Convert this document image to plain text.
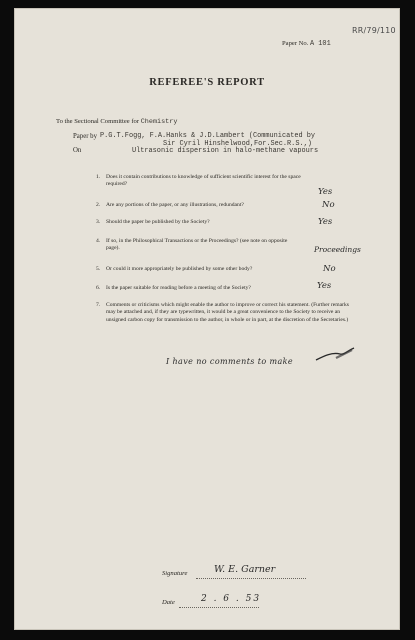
RR/79/110
Paper No. A 101
REFEREE'S REPORT
To the Sectional Committee for Chemistry
Paper by P.G.T.Fogg, F.A.Hanks & J.D.Lambert (Communicated by
Sir Cyril Hinshelwood,For.Sec.R.S.,)
On	Ultrasonic dispersion in halo-methane vapours
1. Does it contain contributions to knowledge of sufficient scientific interest for the space required?
Yes
2. Are any portions of the paper, or any illustrations, redundant?	No
3. Should the paper be published by the Society?	Yes
4. If so, in the Philosophical Transactions or the Proceedings? (see note on opposite page).	Proceedings
5. Or could it more appropriately be published by some other body?	No
6. Is the paper suitable for reading before a meeting of the Society?	Yes
7. Comments or criticisms which might enable the author to improve or correct his statement. (Further remarks may be attached and, if they are typewritten, it would be a great convenience to the Society to receive an unsigned carbon copy for transmission to the author, in whole or in part, at the discretion of the Secretaries.)
I have no comments to make
Signature	W. E. Garner
Date	2 . 6 . 53
